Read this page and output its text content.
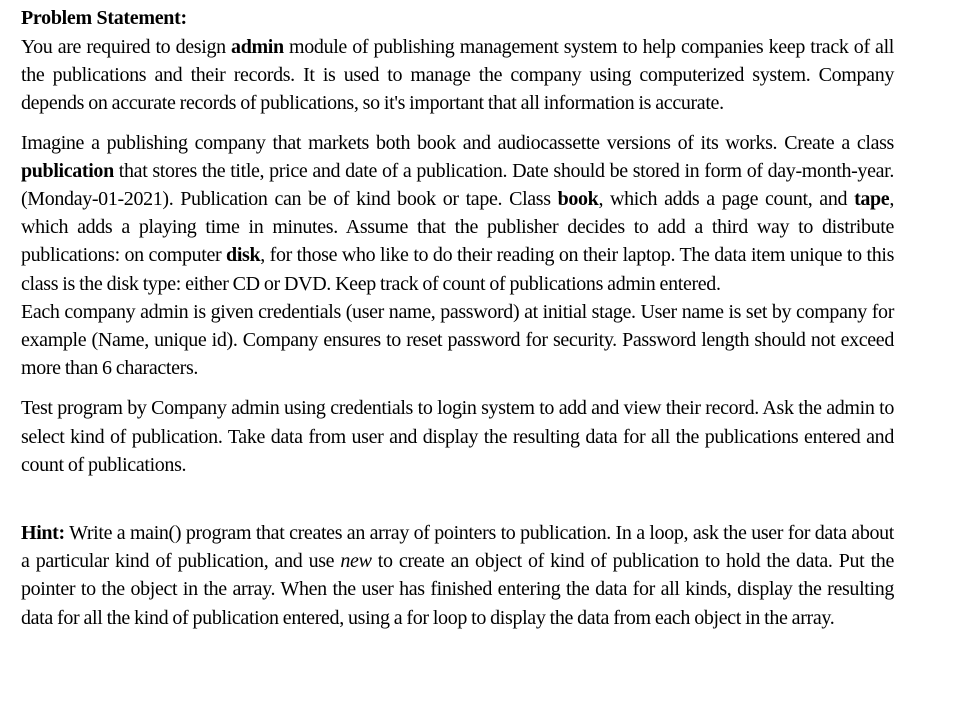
Problem Statement:

You are required to design admin module of publishing management system to help companies keep track of all the publications and their records. It is used to manage the company using computerized system. Company depends on accurate records of publications, so it's important that all information is accurate.

Imagine a publishing company that markets both book and audiocassette versions of its works. Create a class publication that stores the title, price and date of a publication. Date should be stored in form of day-month-year. (Monday-01-2021). Publication can be of kind book or tape. Class book, which adds a page count, and tape, which adds a playing time in minutes. Assume that the publisher decides to add a third way to distribute publications: on computer disk, for those who like to do their reading on their laptop. The data item unique to this class is the disk type: either CD or DVD. Keep track of count of publications admin entered.

Each company admin is given credentials (user name, password) at initial stage. User name is set by company for example (Name, unique id). Company ensures to reset password for security. Password length should not exceed more than 6 characters.

Test program by Company admin using credentials to login system to add and view their record. Ask the admin to select kind of publication. Take data from user and display the resulting data for all the publications entered and count of publications.

Hint: Write a main() program that creates an array of pointers to publication. In a loop, ask the user for data about a particular kind of publication, and use new to create an object of kind of publication to hold the data. Put the pointer to the object in the array. When the user has finished entering the data for all kinds, display the resulting data for all the kind of publication entered, using a for loop to display the data from each object in the array.
